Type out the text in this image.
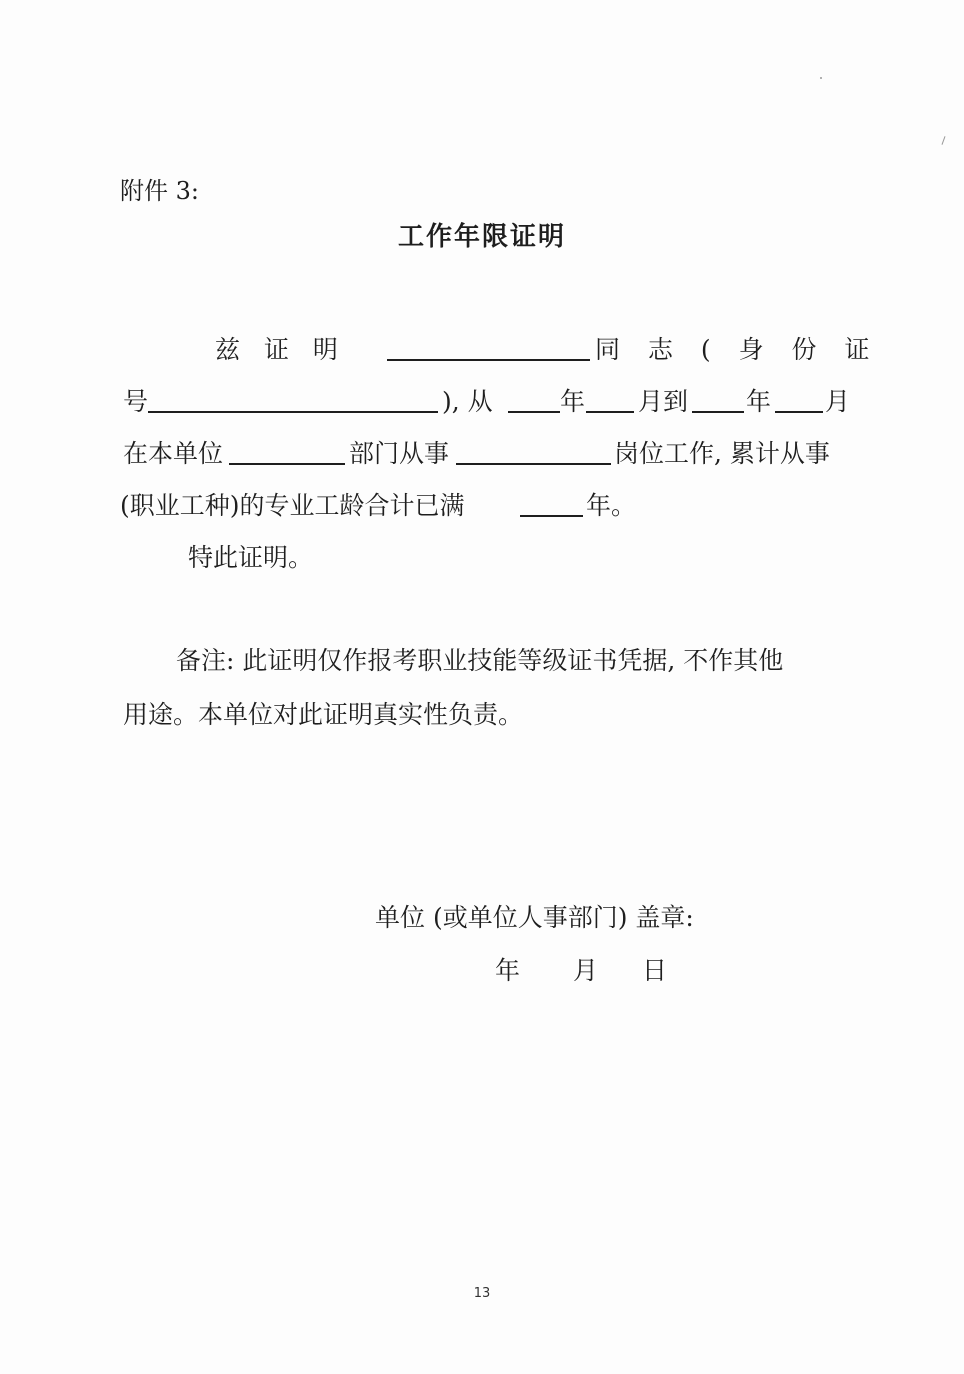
附件 3:
工作年限证明
兹 证 明	同 志 ( 身 份 证
号	), 从	年 月到 年 月
在本单位	部门从事	岗位工作, 累计从事
(职业工种)的专业工龄合计已满	年。
特此证明。
备注: 此证明仅作报考职业技能等级证书凭据, 不作其他
用途。本单位对此证明真实性负责。
单位 (或单位人事部门) 盖章:
年 月 日
13
